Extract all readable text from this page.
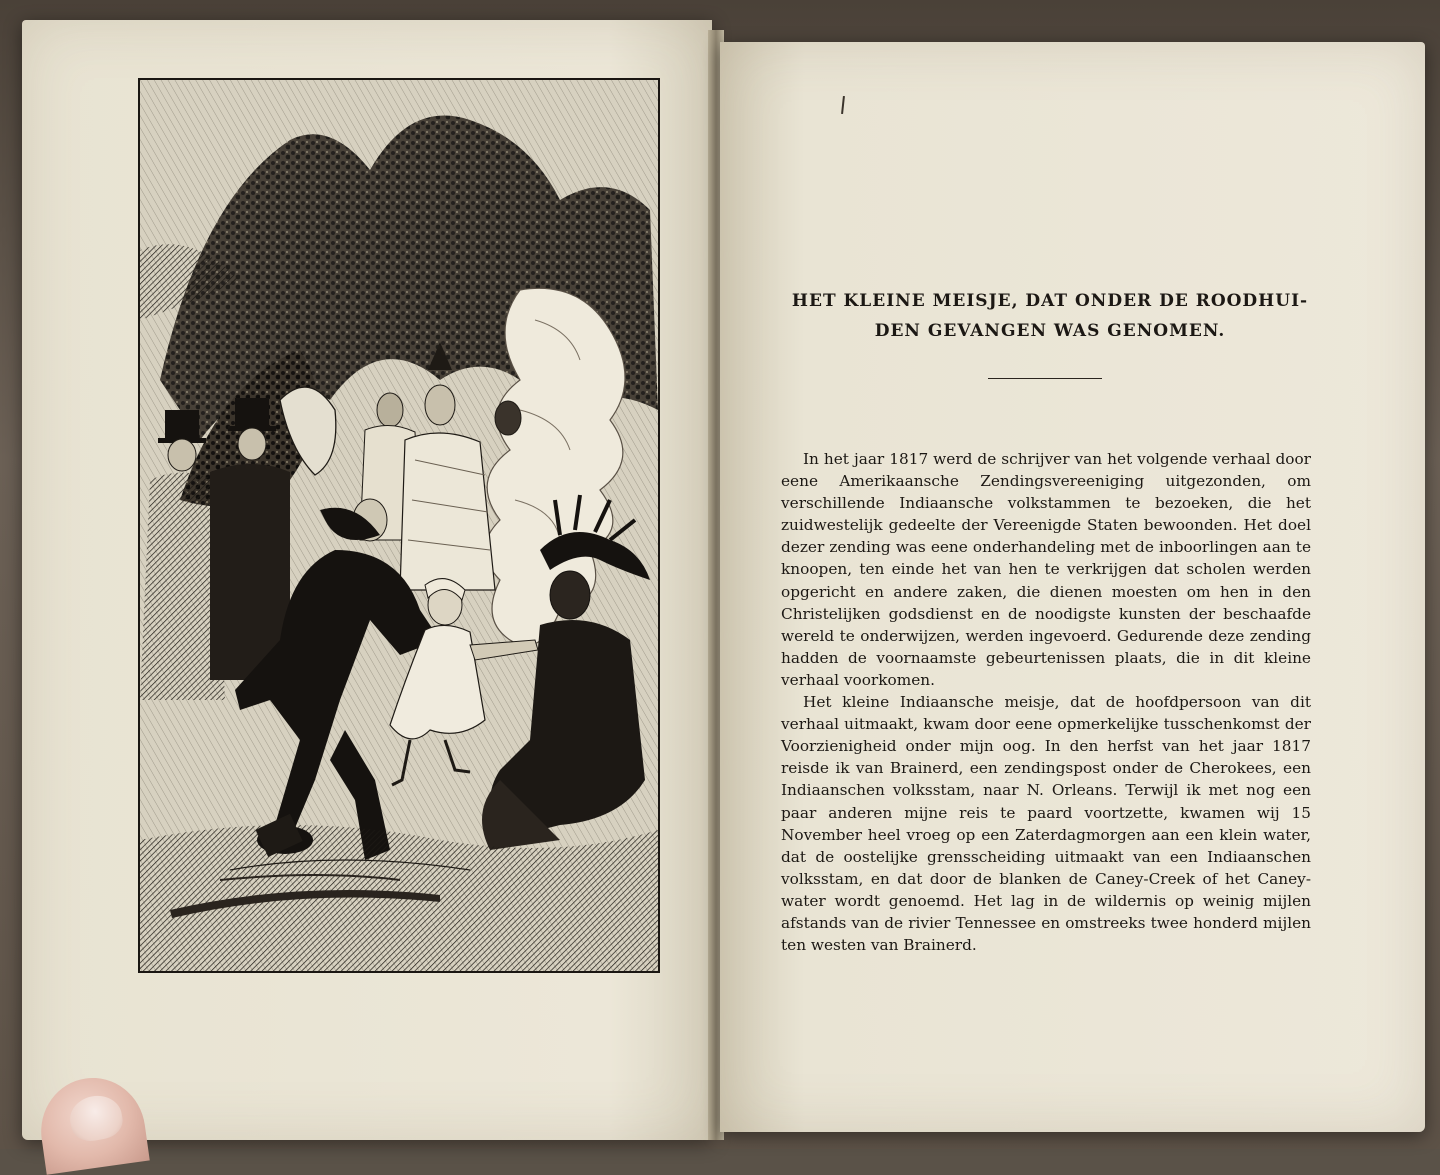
HET KLEINE MEISJE, DAT ONDER DE ROODHUI-
DEN GEVANGEN WAS GENOMEN.

In het jaar 1817 werd de schrijver van het volgende verhaal door eene Amerikaansche Zendingsvereeniging uitgezonden, om verschillende Indiaansche volkstammen te bezoeken, die het zuidwestelijk gedeelte der Vereenigde Staten bewoonden. Het doel dezer zending was eene onderhandeling met de inboorlingen aan te knoopen, ten einde het van hen te verkrijgen dat scholen werden opgericht en andere zaken, die dienen moesten om hen in den Christelijken godsdienst en de noodigste kunsten der beschaafde wereld te onderwijzen, werden ingevoerd. Gedurende deze zending hadden de voornaamste gebeurtenissen plaats, die in dit kleine verhaal voorkomen.

Het kleine Indiaansche meisje, dat de hoofdpersoon van dit verhaal uitmaakt, kwam door eene opmerkelijke tusschenkomst der Voorzienigheid onder mijn oog. In den herfst van het jaar 1817 reisde ik van Brainerd, een zendingspost onder de Cherokees, een Indiaanschen volksstam, naar N. Orleans. Terwijl ik met nog een paar anderen mijne reis te paard voortzette, kwamen wij 15 November heel vroeg op een Zaterdagmorgen aan een klein water, dat de oostelijke grensscheiding uitmaakt van een Indiaanschen volksstam, en dat door de blanken de Caney-Creek of het Caney-water wordt genoemd. Het lag in de wildernis op weinig mijlen afstands van de rivier Tennessee en omstreeks twee honderd mijlen ten westen van Brainerd.
